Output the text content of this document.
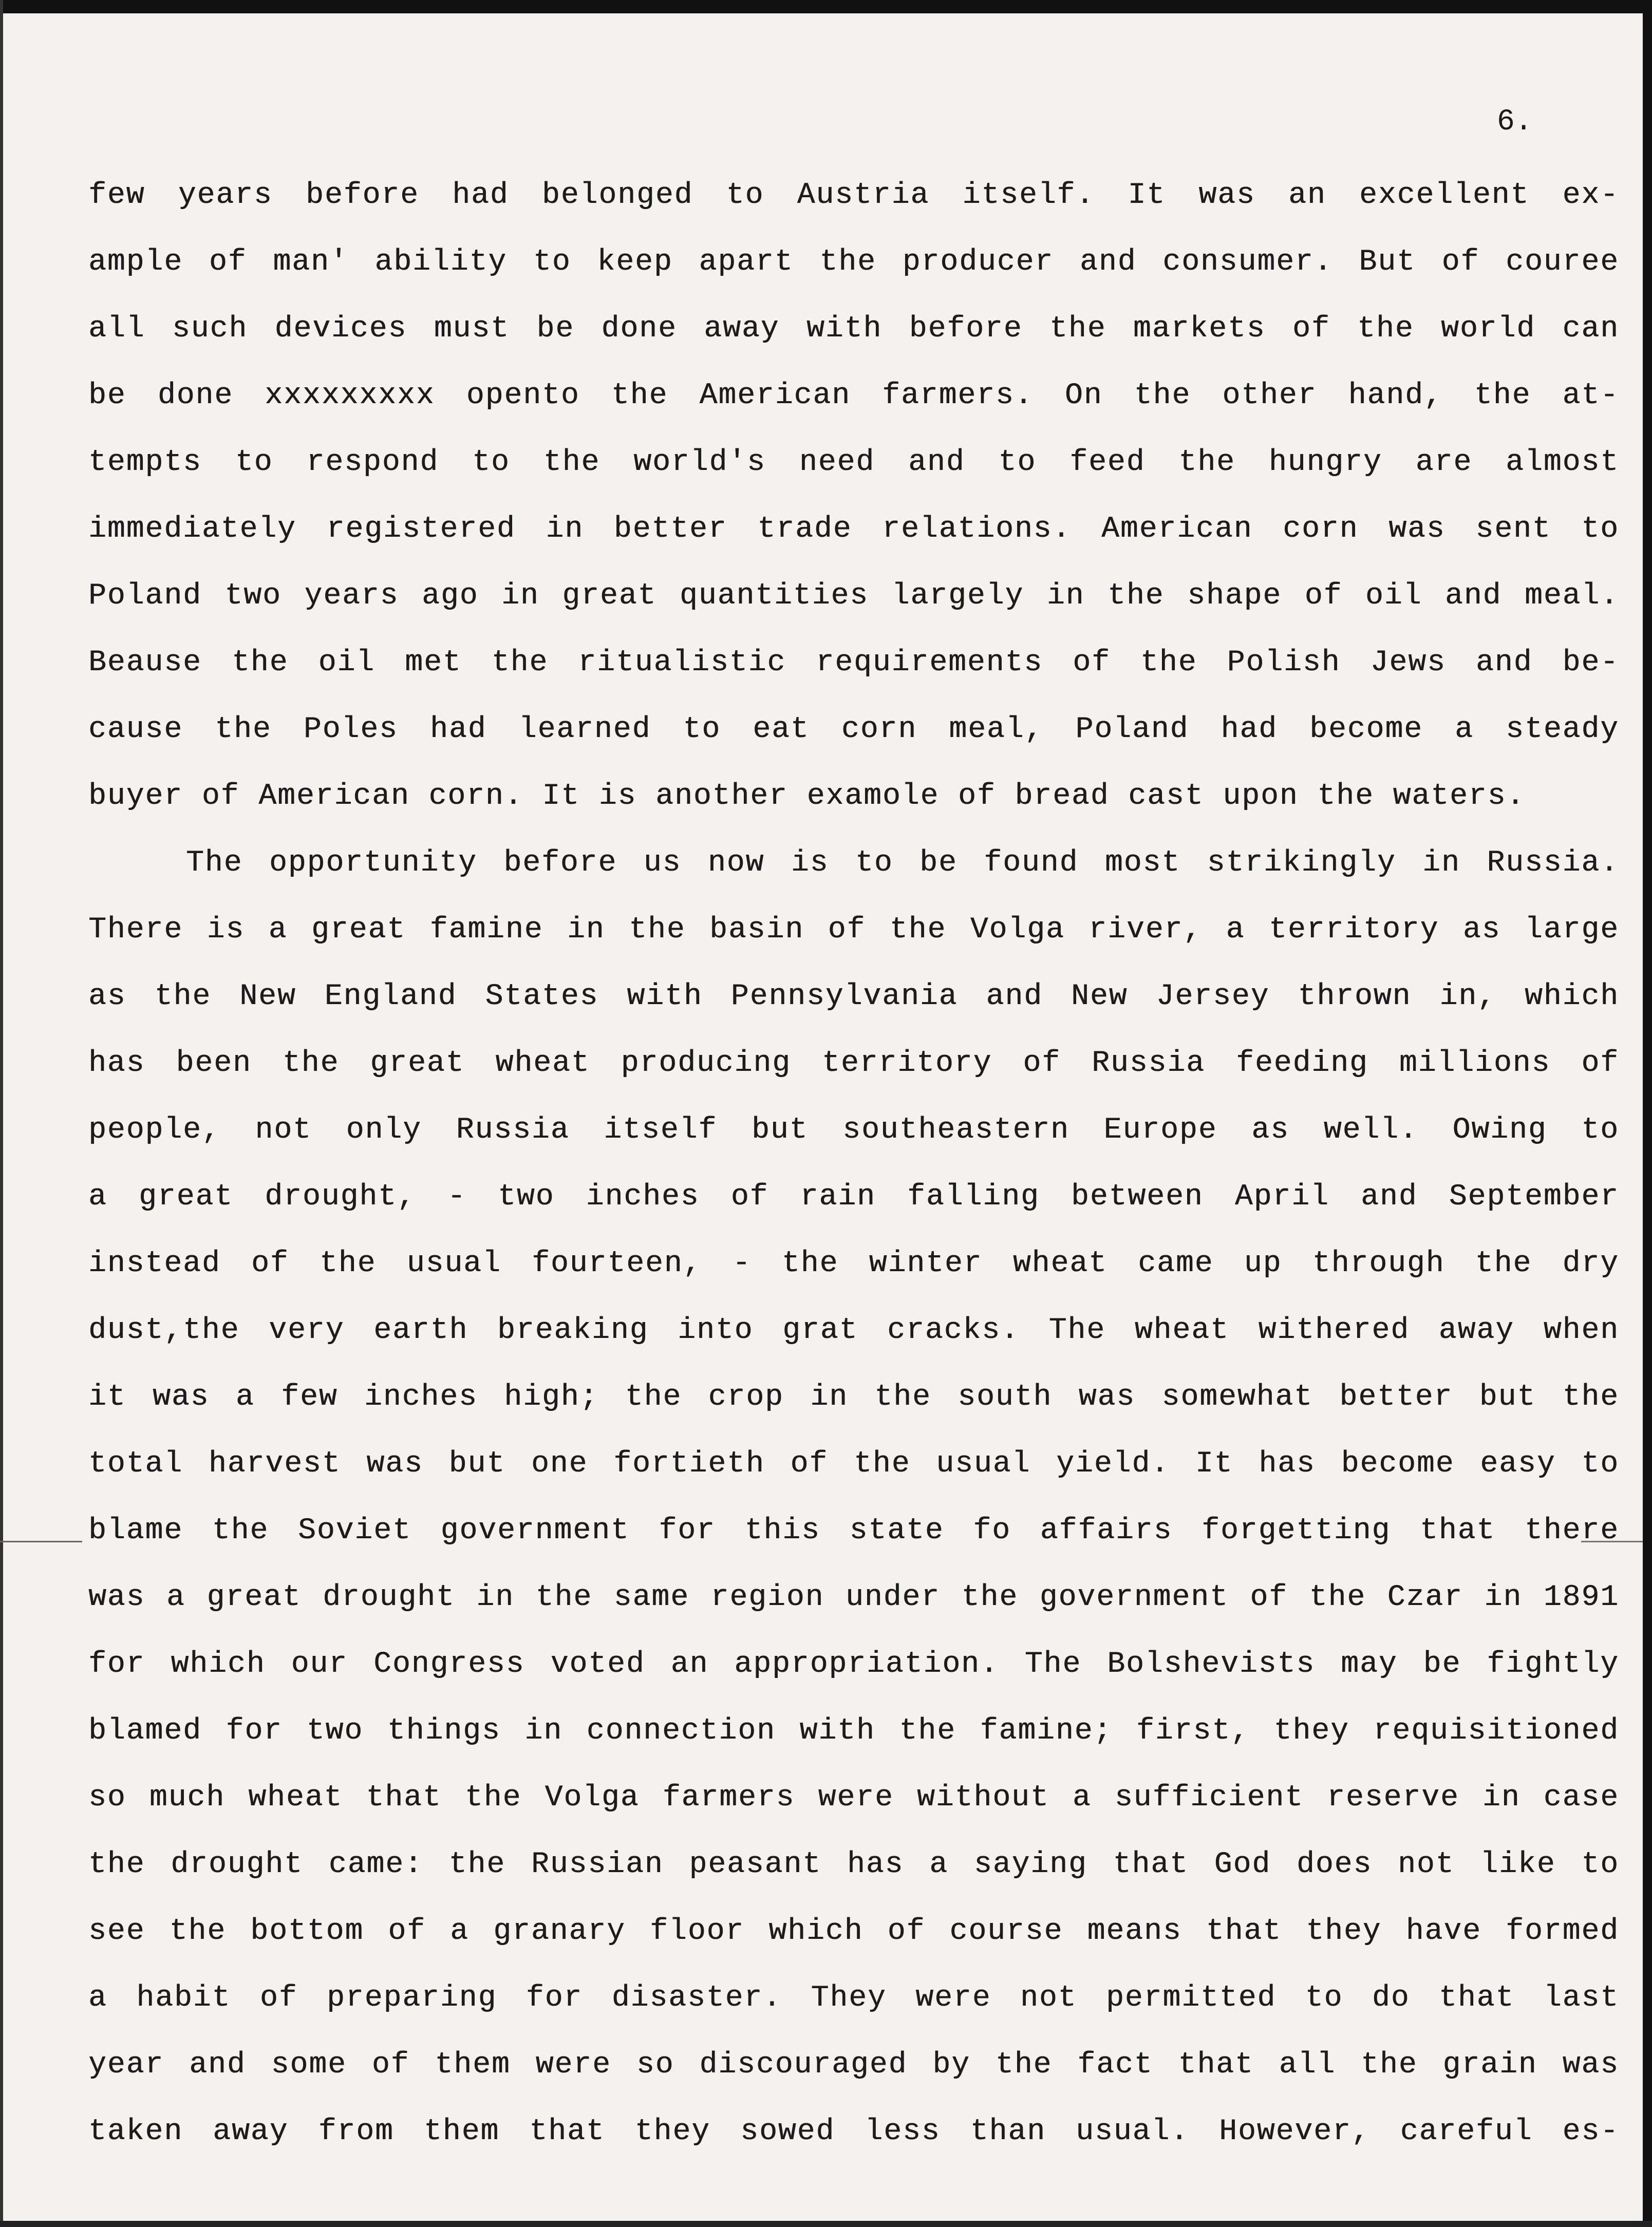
6.
few years before had belonged to Austria itself. It was an excellent ex-
ample of man' ability to keep apart the producer and consumer. But of couree
all such devices must be done away with before the markets of the world can
be done xxxxxxxxx opento the American farmers. On the other hand, the at-
tempts to respond to the world's need and to feed the hungry are almost
immediately registered in better trade relations. American corn was sent to
Poland two years ago in great quantities largely in the shape of oil and meal.
Beause the oil met the ritualistic requirements of the Polish Jews and be-
cause the Poles had learned to eat corn meal, Poland had become a steady
buyer of American corn. It is another examole of bread cast upon the waters.
The opportunity before us now is to be found most strikingly in Russia.
There is a great famine in the basin of the Volga river, a territory as large
as the New England States with Pennsylvania and New Jersey thrown in, which
has been the great wheat producing territory of Russia feeding millions of
people, not only Russia itself but southeastern Europe as well. Owing to
a great drought, - two inches of rain falling between April and September
instead of the usual fourteen, - the winter wheat came up through the dry
dust,the very earth breaking into grat cracks. The wheat withered away when
it was a few inches high; the crop in the south was somewhat better but the
total harvest was but one fortieth of the usual yield. It has become easy to
blame the Soviet government for this state fo affairs forgetting that there
was a great drought in the same region under the government of the Czar in 1891
for which our Congress voted an appropriation. The Bolshevists may be fightly
blamed for two things in connection with the famine; first, they requisitioned
so much wheat that the Volga farmers were without a sufficient reserve in case
the drought came: the Russian peasant has a saying that God does not like to
see the bottom of a granary floor which of course means that they have formed
a habit of preparing for disaster. They were not permitted to do that last
year and some of them were so discouraged by the fact that all the grain was
taken away from them that they sowed less than usual. However, careful es-
